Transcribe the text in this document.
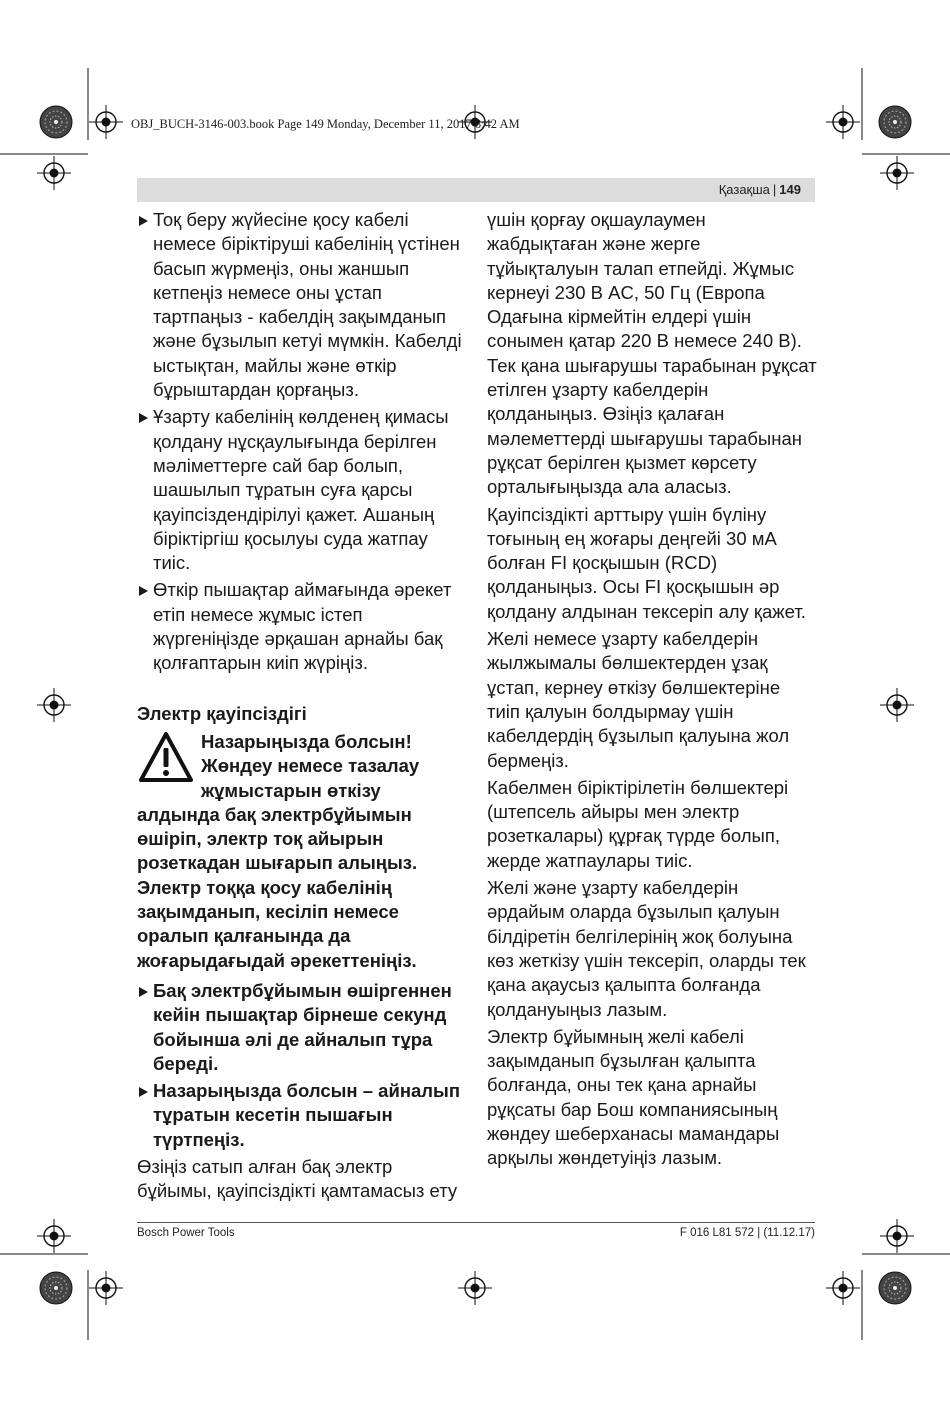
OBJ_BUCH-3146-003.book Page 149 Monday, December 11, 2017 8:42 AM
Қазақша | 149

Тоқ беру жүйесіне қосу кабелі немесе біріктіруші кабелінің үстінен басып жүрмеңіз, оны жаншып кетпеңіз немесе оны ұстап тартпаңыз - кабелдің зақымданып және бұзылып кетуі мүмкін. Кабелді ыстықтан, майлы және өткір бұрыштардан қорғаңыз.

Ұзарту кабелінің көлденең қимасы қолдану нұсқаулығында берілген мәліметтерге сай бар болып, шашылып тұратын суға қарсы қауіпсіздендірілуі қажет. Ашаның біріктіргіш қосылуы суда жатпау тиіс.

Өткір пышақтар аймағында әрекет етіп немесе жұмыс істеп жүргеніңізде әрқашан арнайы бақ қолғаптарын киіп жүріңіз.

Электр қауіпсіздігі

Назарыңызда болсын! Жөндеу немесе тазалау жұмыстарын өткізу алдында бақ электрбұйымын өшіріп, электр тоқ айырын розеткадан шығарып алыңыз. Электр тоққа қосу кабелінің зақымданып, кесіліп немесе оралып қалғанында да жоғарыдағыдай әрекеттеніңіз.

Бақ электрбұйымын өшіргеннен кейін пышақтар бірнеше секунд бойынша әлі де айналып тұра береді.

Назарыңызда болсын – айналып тұратын кесетін пышағын түртпеңіз.

Өзіңіз сатып алған бақ электр бұйымы, қауіпсіздікті қамтамасыз ету

үшін қорғау оқшаулаумен жабдықтаған және жерге тұйықталуын талап етпейді. Жұмыс кернеуі 230 В AC, 50 Гц (Европа Одағына кірмейтін елдері үшін сонымен қатар 220 В немесе 240 В). Тек қана шығарушы тарабынан рұқсат етілген ұзарту кабелдерін қолданыңыз. Өзіңіз қалаған мәлеметтерді шығарушы тарабынан рұқсат берілген қызмет көрсету орталығыңызда ала аласыз.

Қауіпсіздікті арттыру үшін бүліну тоғының ең жоғары деңгейі 30 мА болған FI қосқышын (RCD) қолданыңыз. Осы FI қосқышын әр қолдану алдынан тексеріп алу қажет.

Желі немесе ұзарту кабелдерін жылжымалы бөлшектерден ұзақ ұстап, кернеу өткізу бөлшектеріне тиіп қалуын болдырмау үшін кабелдердің бұзылып қалуына жол бермеңіз.

Кабелмен біріктірілетін бөлшектері (штепсель айыры мен электр розеткалары) құрғақ түрде болып, жерде жатпаулары тиіс.

Желі және ұзарту кабелдерін әрдайым оларда бұзылып қалуын білдіретін белгілерінің жоқ болуына көз жеткізу үшін тексеріп, оларды тек қана ақаусыз қалыпта болғанда қолдануыңыз лазым.

Электр бұйымның желі кабелі зақымданып бұзылған қалыпта болғанда, оны тек қана арнайы рұқсаты бар Бош компаниясының жөндеу шеберханасы мамандары арқылы жөндетуіңіз лазым.

Bosch Power Tools	F 016 L81 572 | (11.12.17)
